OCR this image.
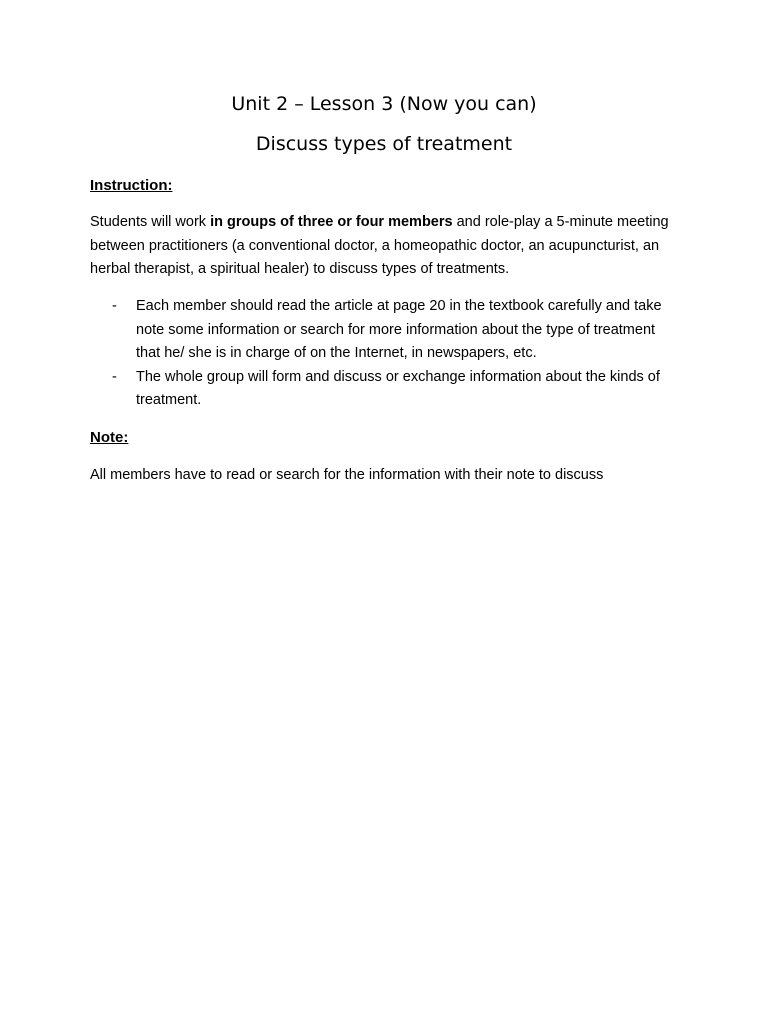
Unit 2 – Lesson 3 (Now you can)
Discuss types of treatment

Instruction:

Students will work in groups of three or four members and role-play a 5-minute meeting between practitioners (a conventional doctor, a homeopathic doctor, an acupuncturist, an herbal therapist, a spiritual healer) to discuss types of treatments.

- Each member should read the article at page 20 in the textbook carefully and take note some information or search for more information about the type of treatment that he/ she is in charge of on the Internet, in newspapers, etc.
- The whole group will form and discuss or exchange information about the kinds of treatment.

Note:

All members have to read or search for the information with their note to discuss
